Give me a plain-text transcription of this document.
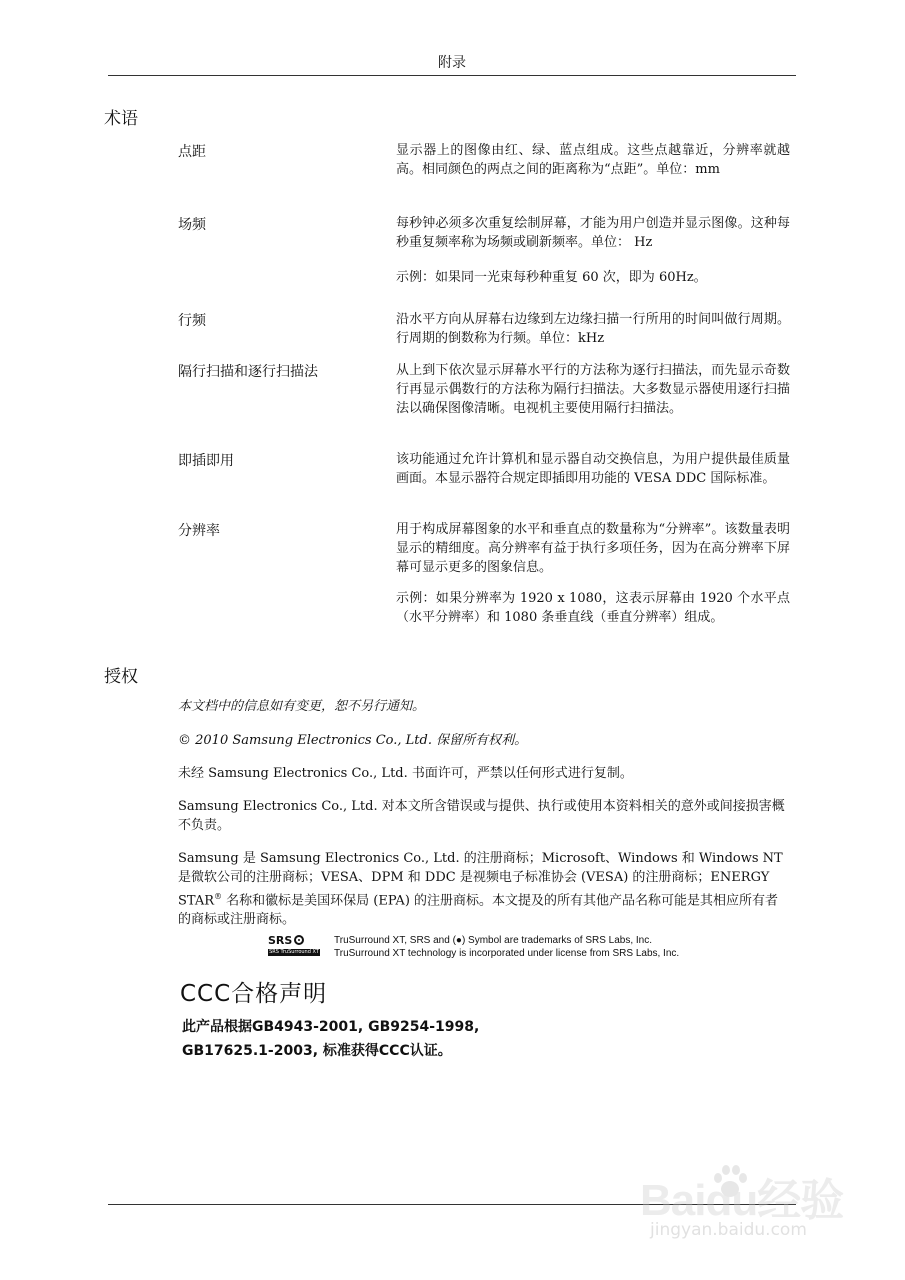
附录
术语
点距	显示器上的图像由红、绿、蓝点组成。这些点越靠近，分辨率就越高。相同颜色的两点之间的距离称为“点距”。单位：mm
场频	每秒钟必须多次重复绘制屏幕，才能为用户创造并显示图像。这种每秒重复频率称为场频或刷新频率。单位： Hz
示例：如果同一光束每秒种重复 60 次，即为 60Hz。
行频	沿水平方向从屏幕右边缘到左边缘扫描一行所用的时间叫做行周期。行周期的倒数称为行频。单位：kHz
隔行扫描和逐行扫描法	从上到下依次显示屏幕水平行的方法称为逐行扫描法，而先显示奇数行再显示偶数行的方法称为隔行扫描法。大多数显示器使用逐行扫描法以确保图像清晰。电视机主要使用隔行扫描法。
即插即用	该功能通过允许计算机和显示器自动交换信息，为用户提供最佳质量画面。本显示器符合规定即插即用功能的 VESA DDC 国际标准。
分辨率	用于构成屏幕图象的水平和垂直点的数量称为“分辨率”。该数量表明显示的精细度。高分辨率有益于执行多项任务，因为在高分辨率下屏幕可显示更多的图象信息。
示例：如果分辨率为 1920 x 1080，这表示屏幕由 1920 个水平点（水平分辨率）和 1080 条垂直线（垂直分辨率）组成。
授权
本文档中的信息如有变更，恕不另行通知。
© 2010 Samsung Electronics Co., Ltd. 保留所有权利。
未经 Samsung Electronics Co., Ltd. 书面许可，严禁以任何形式进行复制。
Samsung Electronics Co., Ltd. 对本文所含错误或与提供、执行或使用本资料相关的意外或间接损害概不负责。
Samsung 是 Samsung Electronics Co., Ltd. 的注册商标；Microsoft、Windows 和 Windows NT 是微软公司的注册商标；VESA、DPM 和 DDC 是视频电子标准协会 (VESA) 的注册商标；ENERGY STAR® 名称和徽标是美国环保局 (EPA) 的注册商标。本文提及的所有其他产品名称可能是其相应所有者的商标或注册商标。
SRS
SRS TruSurround XT
TruSurround XT, SRS and (●) Symbol are trademarks of SRS Labs, Inc.
TruSurround XT technology is incorporated under license from SRS Labs, Inc.
CCC合格声明
此产品根据GB4943-2001, GB9254-1998,
GB17625.1-2003, 标准获得CCC认证。
Baidu经验
jingyan.baidu.com
